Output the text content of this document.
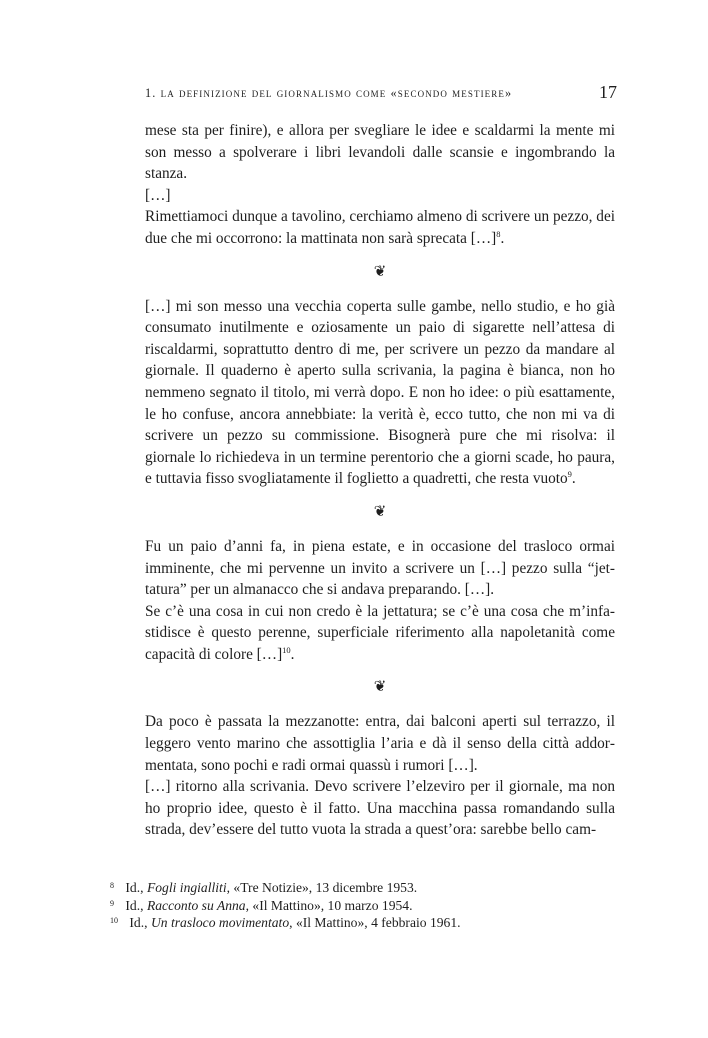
1. la definizione del giornalismo come «secondo mestiere»	17

mese sta per finire), e allora per svegliare le idee e scaldarmi la mente mi son messo a spolverare i libri levandoli dalle scansie e ingombrando la stanza.

[…]

Rimettiamoci dunque a tavolino, cerchiamo almeno di scrivere un pezzo, dei due che mi occorrono: la mattinata non sarà sprecata […]$^8$.

❦

[…] mi son messo una vecchia coperta sulle gambe, nello studio, e ho già consumato inutilmente e oziosamente un paio di sigarette nell’attesa di riscaldarmi, soprattutto dentro di me, per scrivere un pezzo da mandare al giornale. Il quaderno è aperto sulla scrivania, la pagina è bianca, non ho nemmeno segnato il titolo, mi verrà dopo. E non ho idee: o più esattamente, le ho confuse, ancora annebbiate: la verità è, ecco tutto, che non mi va di scrivere un pezzo su commissione. Bisognerà pure che mi risolva: il giornale lo richiedeva in un termine perentorio che a giorni scade, ho paura, e tuttavia fisso svogliatamente il foglietto a quadretti, che resta vuoto$^9$.

❦

Fu un paio d’anni fa, in piena estate, e in occasione del trasloco ormai imminente, che mi pervenne un invito a scrivere un […] pezzo sulla “jettatura” per un almanacco che si andava preparando. […].

Se c’è una cosa in cui non credo è la jettatura; se c’è una cosa che m’infastidisce è questo perenne, superficiale riferimento alla napoletanità come capacità di colore […]$^{10}$.

❦

Da poco è passata la mezzanotte: entra, dai balconi aperti sul terrazzo, il leggero vento marino che assottiglia l’aria e dà il senso della città addormentata, sono pochi e radi ormai quassù i rumori […].

[…] ritorno alla scrivania. Devo scrivere l’elzeviro per il giornale, ma non ho proprio idee, questo è il fatto. Una macchina passa romandando sulla strada, dev’essere del tutto vuota la strada a quest’ora: sarebbe bello cam-

8 Id., Fogli ingialliti, «Tre Notizie», 13 dicembre 1953.
9 Id., Racconto su Anna, «Il Mattino», 10 marzo 1954.
10 Id., Un trasloco movimentato, «Il Mattino», 4 febbraio 1961.
